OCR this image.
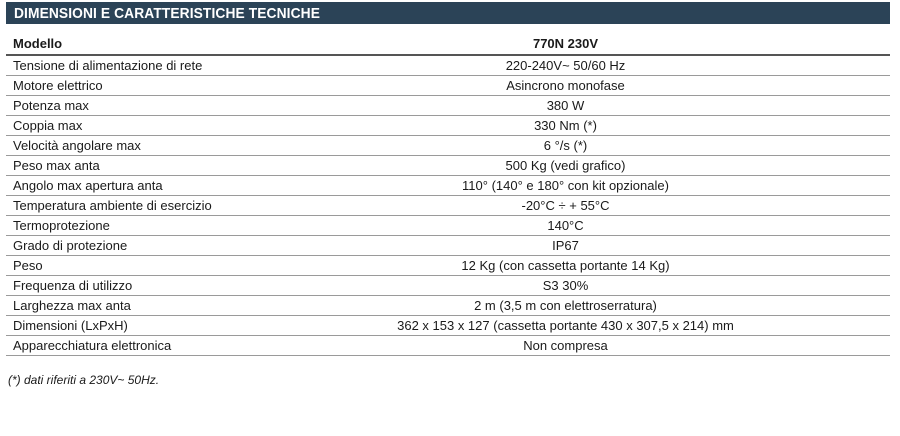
DIMENSIONI E CARATTERISTICHE TECNICHE
Modello	770N 230V
Tensione di alimentazione di rete	220-240V~ 50/60 Hz
Motore elettrico	Asincrono monofase
Potenza max	380 W
Coppia max	330 Nm (*)
Velocità angolare max	6 °/s (*)
Peso max anta	500 Kg (vedi grafico)
Angolo max apertura anta	110° (140° e 180° con kit opzionale)
Temperatura ambiente di esercizio	-20°C ÷ + 55°C
Termoprotezione	140°C
Grado di protezione	IP67
Peso	12 Kg (con cassetta portante 14 Kg)
Frequenza di utilizzo	S3 30%
Larghezza max anta	2 m (3,5 m con elettroserratura)
Dimensioni (LxPxH)	362 x 153 x 127 (cassetta portante 430 x 307,5 x 214) mm
Apparecchiatura elettronica	Non compresa
(*) dati riferiti a 230V~ 50Hz.
